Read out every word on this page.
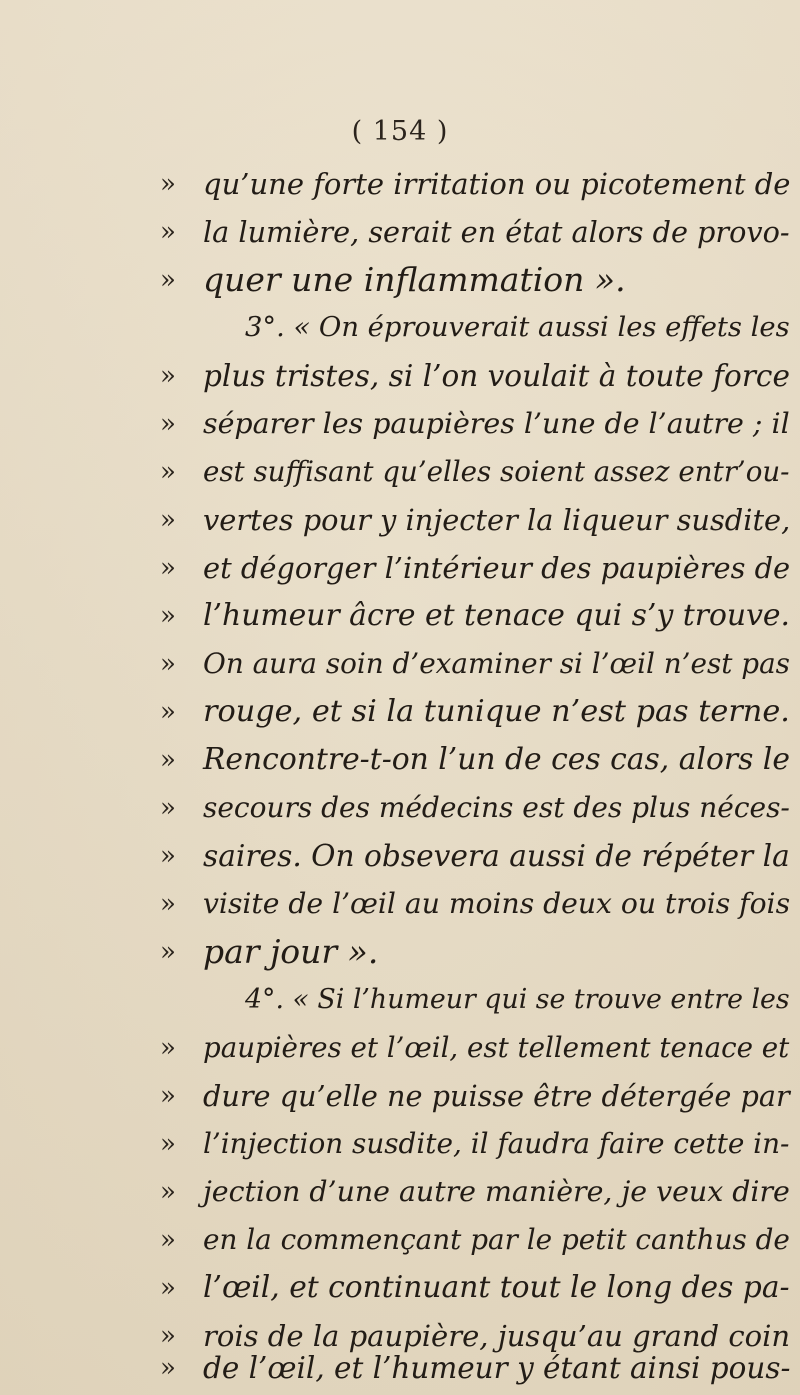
( 154 )
» qu’une forte irritation ou picotement de
» la lumière, serait en état alors de provo-
» quer une inflammation ».
3°. « On éprouverait aussi les effets les
» plus tristes, si l’on voulait à toute force
» séparer les paupières l’une de l’autre ; il
» est suffisant qu’elles soient assez entr’ou-
» vertes pour y injecter la liqueur susdite,
» et dégorger l’intérieur des paupières de
» l’humeur âcre et tenace qui s’y trouve.
» On aura soin d’examiner si l’œil n’est pas
» rouge, et si la tunique n’est pas terne.
» Rencontre-t-on l’un de ces cas, alors le
» secours des médecins est des plus néces-
» saires. On obsevera aussi de répéter la
» visite de l’œil au moins deux ou trois fois
» par jour ».
4°. « Si l’humeur qui se trouve entre les
» paupières et l’œil, est tellement tenace et
» dure qu’elle ne puisse être détergée par
» l’injection susdite, il faudra faire cette in-
» jection d’une autre manière, je veux dire
» en la commençant par le petit canthus de
» l’œil, et continuant tout le long des pa-
» rois de la paupière, jusqu’au grand coin
» de l’œil, et l’humeur y étant ainsi pous-
